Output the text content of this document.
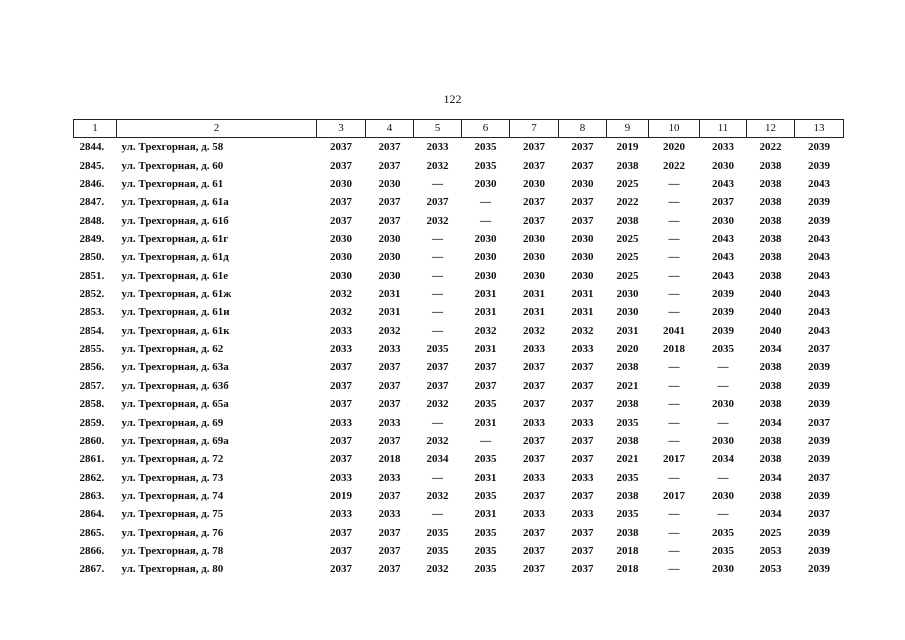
122
1	2	3	4	5	6	7	8	9	10	11	12	13
2844.	ул. Трехгорная, д. 58	2037	2037	2033	2035	2037	2037	2019	2020	2033	2022	2039
2845.	ул. Трехгорная, д. 60	2037	2037	2032	2035	2037	2037	2038	2022	2030	2038	2039
2846.	ул. Трехгорная, д. 61	2030	2030	—	2030	2030	2030	2025	—	2043	2038	2043
2847.	ул. Трехгорная, д. 61а	2037	2037	2037	—	2037	2037	2022	—	2037	2038	2039
2848.	ул. Трехгорная, д. 61б	2037	2037	2032	—	2037	2037	2038	—	2030	2038	2039
2849.	ул. Трехгорная, д. 61г	2030	2030	—	2030	2030	2030	2025	—	2043	2038	2043
2850.	ул. Трехгорная, д. 61д	2030	2030	—	2030	2030	2030	2025	—	2043	2038	2043
2851.	ул. Трехгорная, д. 61е	2030	2030	—	2030	2030	2030	2025	—	2043	2038	2043
2852.	ул. Трехгорная, д. 61ж	2032	2031	—	2031	2031	2031	2030	—	2039	2040	2043
2853.	ул. Трехгорная, д. 61и	2032	2031	—	2031	2031	2031	2030	—	2039	2040	2043
2854.	ул. Трехгорная, д. 61к	2033	2032	—	2032	2032	2032	2031	2041	2039	2040	2043
2855.	ул. Трехгорная, д. 62	2033	2033	2035	2031	2033	2033	2020	2018	2035	2034	2037
2856.	ул. Трехгорная, д. 63а	2037	2037	2037	2037	2037	2037	2038	—	—	2038	2039
2857.	ул. Трехгорная, д. 63б	2037	2037	2037	2037	2037	2037	2021	—	—	2038	2039
2858.	ул. Трехгорная, д. 65а	2037	2037	2032	2035	2037	2037	2038	—	2030	2038	2039
2859.	ул. Трехгорная, д. 69	2033	2033	—	2031	2033	2033	2035	—	—	2034	2037
2860.	ул. Трехгорная, д. 69а	2037	2037	2032	—	2037	2037	2038	—	2030	2038	2039
2861.	ул. Трехгорная, д. 72	2037	2018	2034	2035	2037	2037	2021	2017	2034	2038	2039
2862.	ул. Трехгорная, д. 73	2033	2033	—	2031	2033	2033	2035	—	—	2034	2037
2863.	ул. Трехгорная, д. 74	2019	2037	2032	2035	2037	2037	2038	2017	2030	2038	2039
2864.	ул. Трехгорная, д. 75	2033	2033	—	2031	2033	2033	2035	—	—	2034	2037
2865.	ул. Трехгорная, д. 76	2037	2037	2035	2035	2037	2037	2038	—	2035	2025	2039
2866.	ул. Трехгорная, д. 78	2037	2037	2035	2035	2037	2037	2018	—	2035	2053	2039
2867.	ул. Трехгорная, д. 80	2037	2037	2032	2035	2037	2037	2018	—	2030	2053	2039
